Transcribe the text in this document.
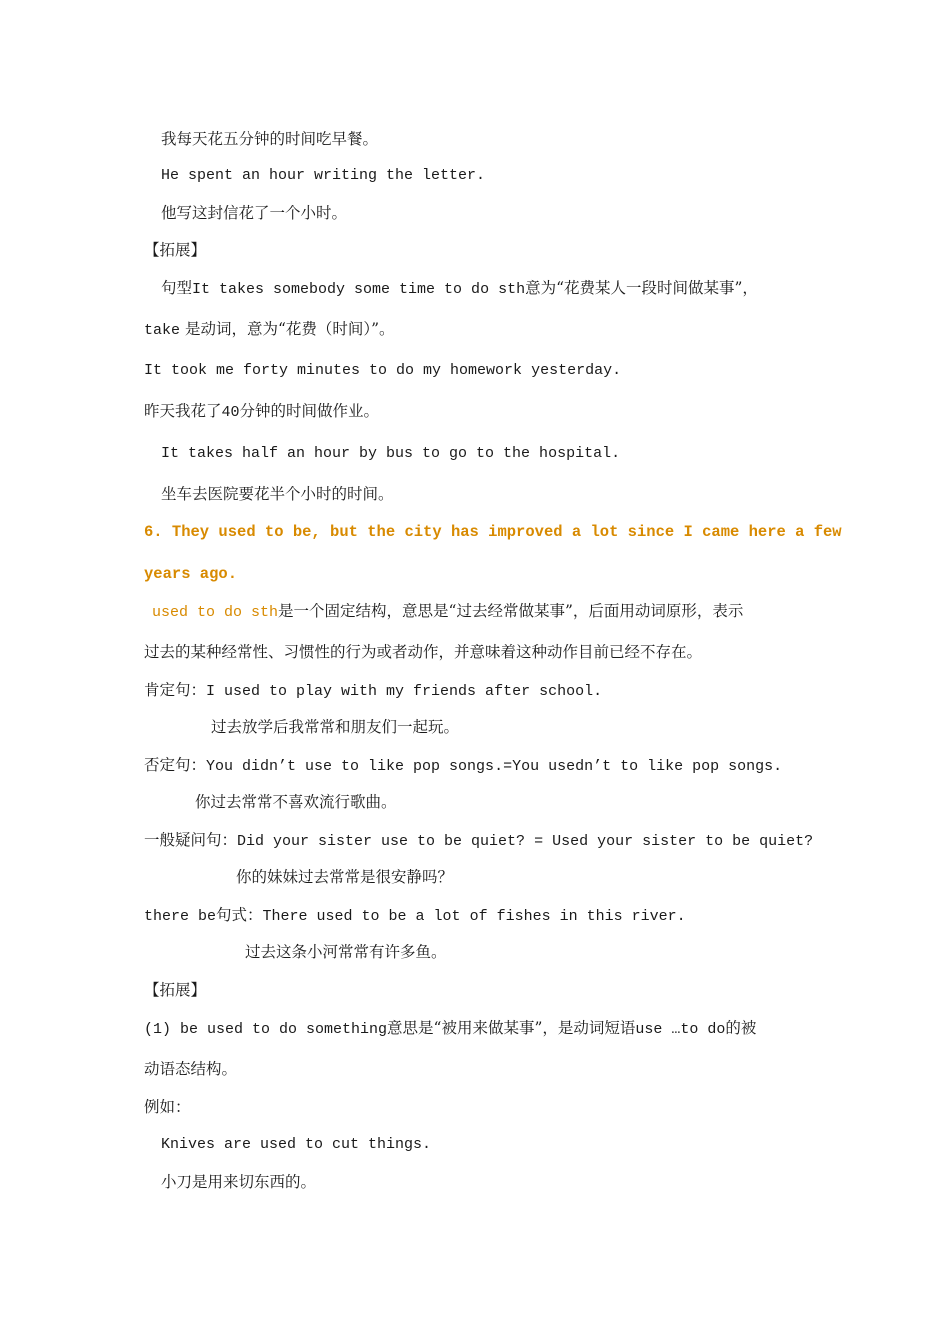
我每天花五分钟的时间吃早餐。
He spent an hour writing the letter.
他写这封信花了一个小时。
【拓展】
句型It takes somebody some time to do sth意为“花费某人一段时间做某事”，
take 是动词，意为“花费（时间）”。
It took me forty minutes to do my homework yesterday.
昨天我花了40分钟的时间做作业。
It takes half an hour by bus to go to the hospital.
坐车去医院要花半个小时的时间。
6. They used to be, but the city has improved a lot since I came here a few
years ago.
used to do sth是一个固定结构，意思是“过去经常做某事”，后面用动词原形，表示
过去的某种经常性、习惯性的行为或者动作，并意味着这种动作目前已经不存在。
肯定句：I used to play with my friends after school.
过去放学后我常常和朋友们一起玩。
否定句：You didn’t use to like pop songs.=You usedn’t to like pop songs.
你过去常常不喜欢流行歌曲。
一般疑问句：Did your sister use to be quiet? = Used your sister to be quiet?
你的妹妹过去常常是很安静吗？
there be句式：There used to be a lot of fishes in this river.
过去这条小河常常有许多鱼。
【拓展】
(1) be used to do something意思是“被用来做某事”，是动词短语use …to do的被
动语态结构。
例如：
Knives are used to cut things.
小刀是用来切东西的。
